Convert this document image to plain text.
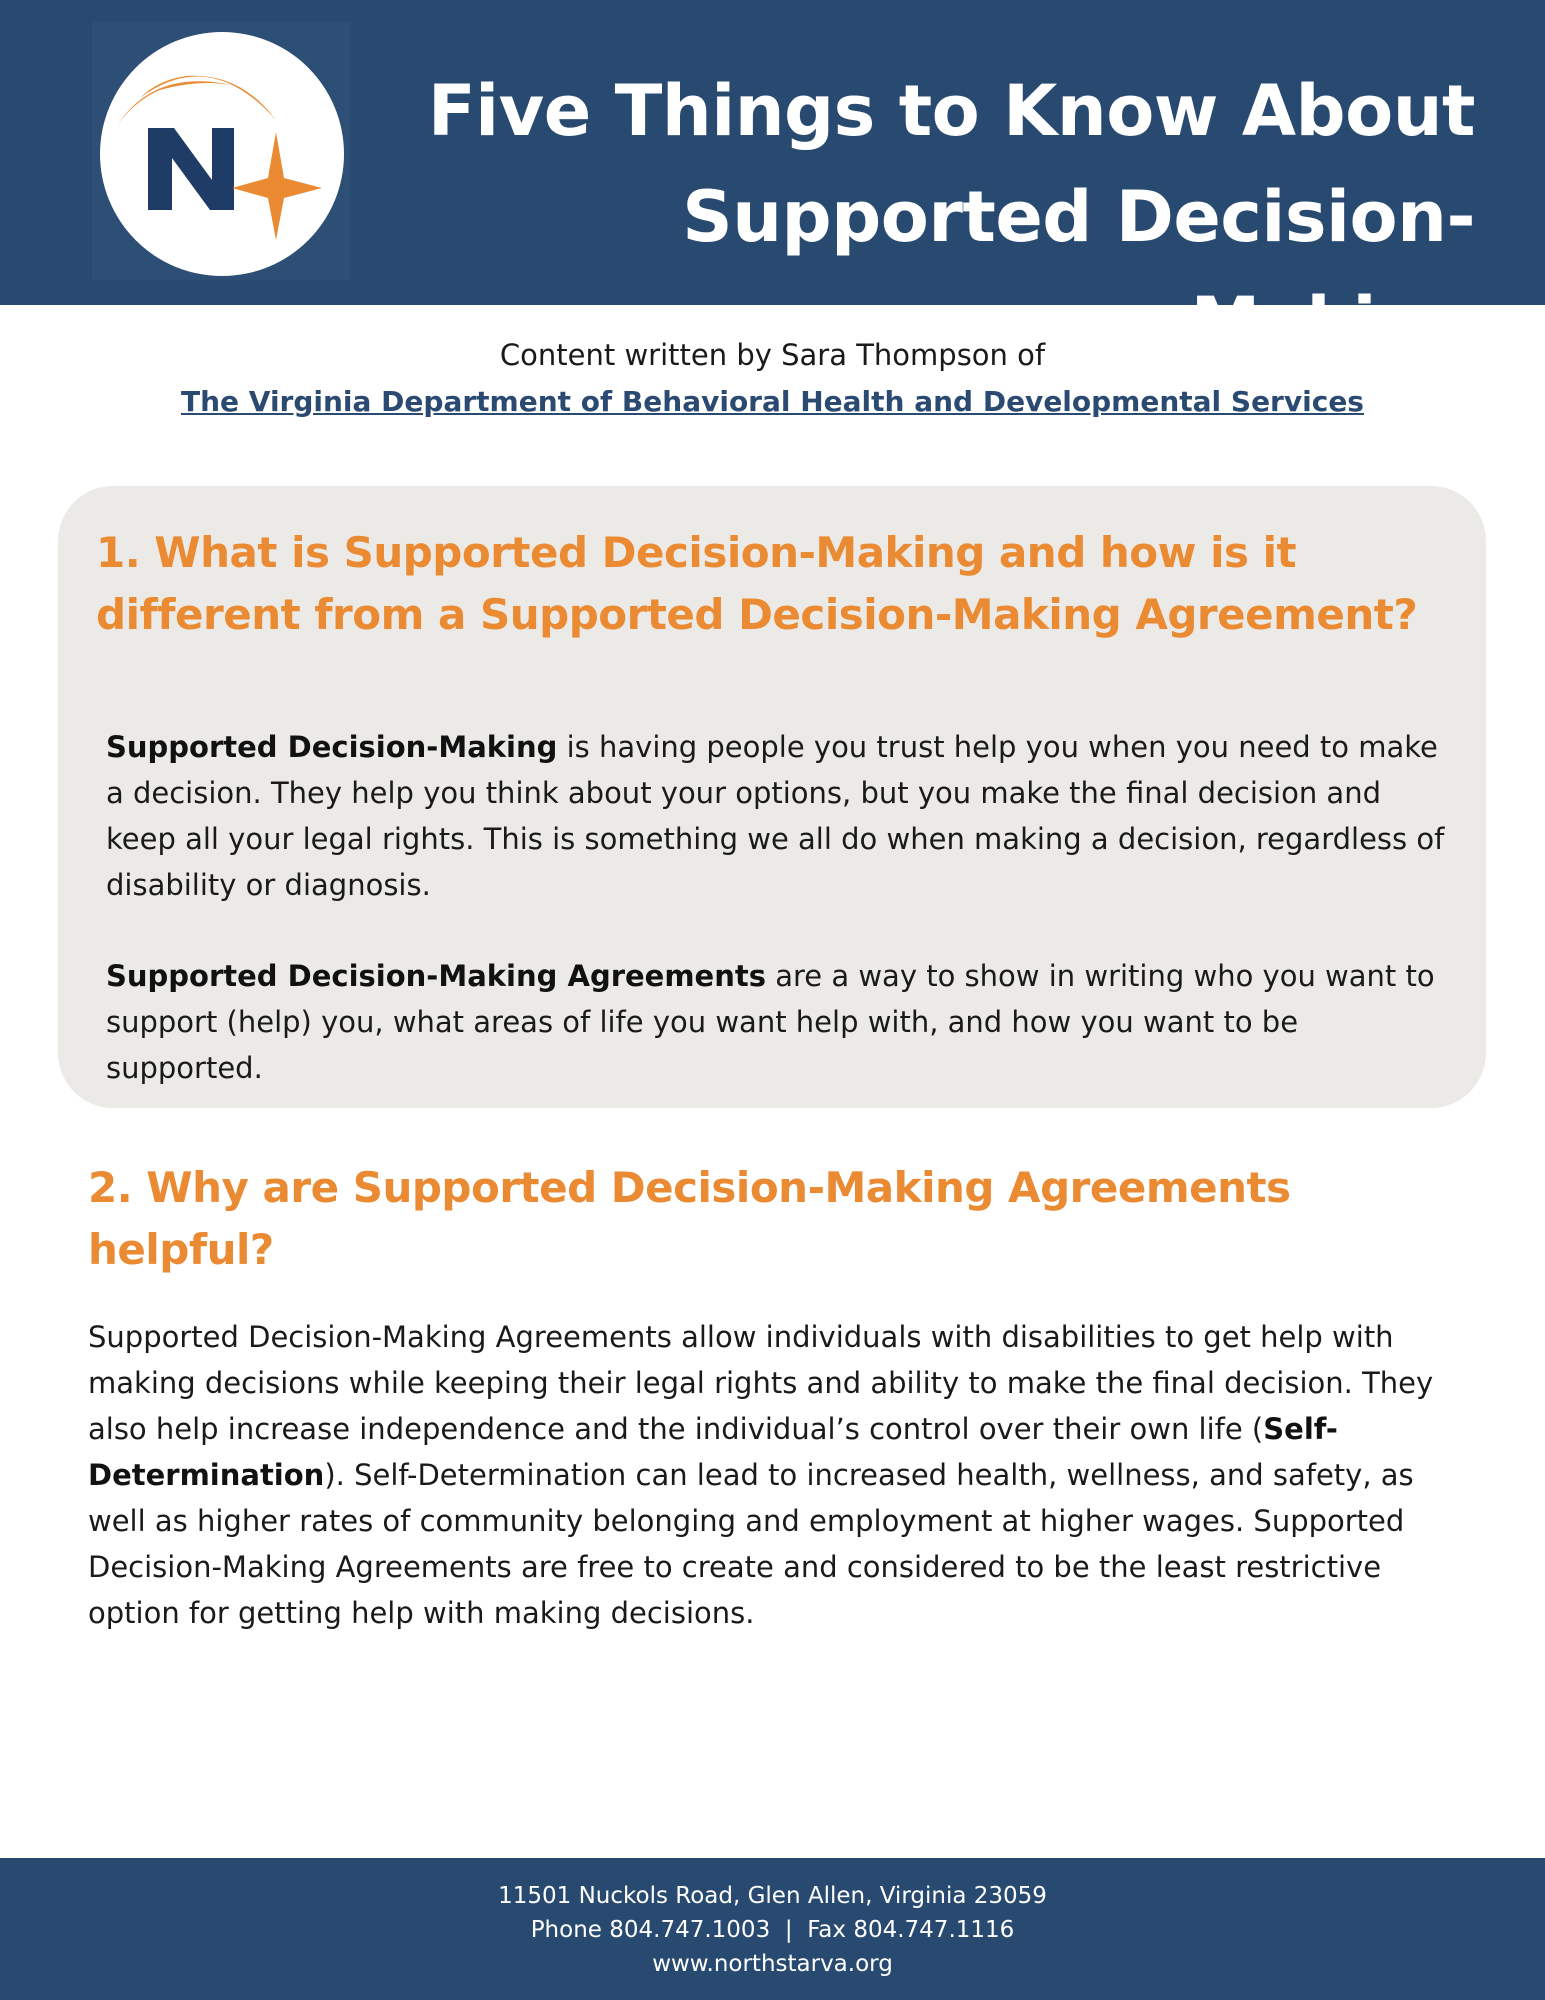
Five Things to Know About
Supported Decision-Making
Content written by Sara Thompson of
The Virginia Department of Behavioral Health and Developmental Services
1. What is Supported Decision-Making and how is it different from a Supported Decision-Making Agreement?

Supported Decision-Making is having people you trust help you when you need to make a decision. They help you think about your options, but you make the final decision and keep all your legal rights. This is something we all do when making a decision, regardless of disability or diagnosis.

Supported Decision-Making Agreements are a way to show in writing who you want to support (help) you, what areas of life you want help with, and how you want to be supported.

2. Why are Supported Decision-Making Agreements helpful?

Supported Decision-Making Agreements allow individuals with disabilities to get help with making decisions while keeping their legal rights and ability to make the final decision. They also help increase independence and the individual’s control over their own life (Self-Determination). Self-Determination can lead to increased health, wellness, and safety, as well as higher rates of community belonging and employment at higher wages. Supported Decision-Making Agreements are free to create and considered to be the least restrictive option for getting help with making decisions.

11501 Nuckols Road, Glen Allen, Virginia 23059
Phone 804.747.1003  |  Fax 804.747.1116
www.northstarva.org
